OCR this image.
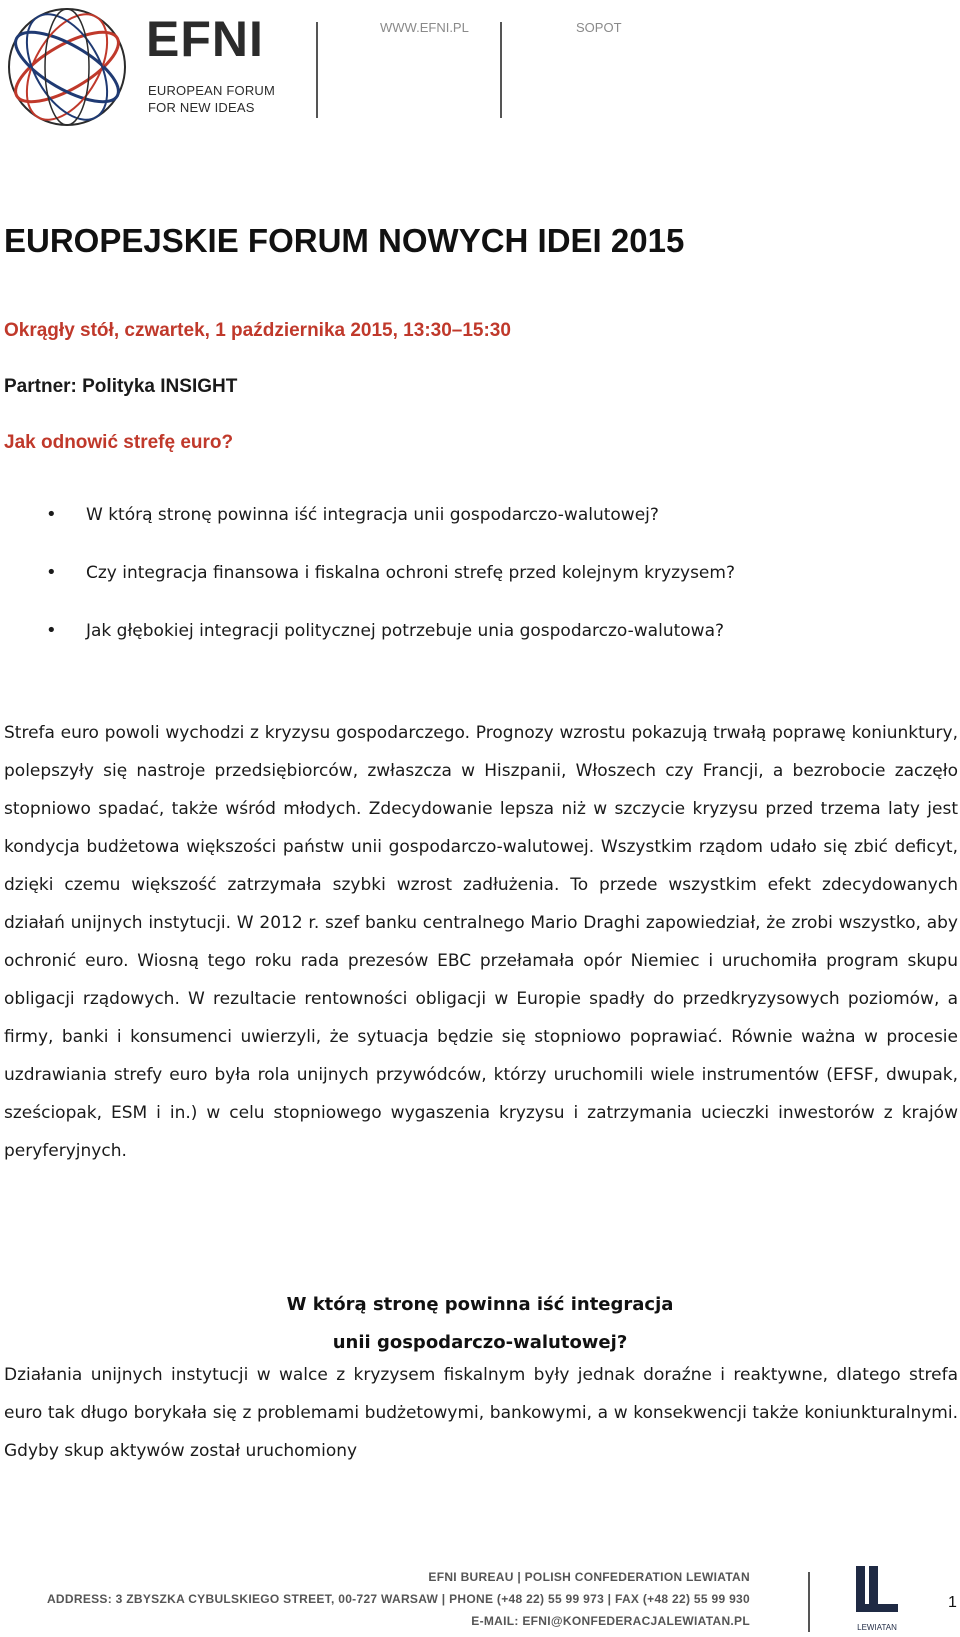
EFNI
EUROPEAN FORUM
FOR NEW IDEAS
WWW.EFNI.PL	SOPOT
EUROPEJSKIE FORUM NOWYCH IDEI 2015

Okrągły stół, czwartek, 1 października 2015, 13:30–15:30

Partner: Polityka INSIGHT

Jak odnowić strefę euro?

• W którą stronę powinna iść integracja unii gospodarczo-walutowej?
• Czy integracja finansowa i fiskalna ochroni strefę przed kolejnym kryzysem?
• Jak głębokiej integracji politycznej potrzebuje unia gospodarczo-walutowa?

Strefa euro powoli wychodzi z kryzysu gospodarczego. Prognozy wzrostu pokazują trwałą poprawę koniunktury, polepszyły się nastroje przedsiębiorców, zwłaszcza w Hiszpanii, Włoszech czy Francji, a bezrobocie zaczęło stopniowo spadać, także wśród młodych. Zdecydowanie lepsza niż w szczycie kryzysu przed trzema laty jest kondycja budżetowa większości państw unii gospodarczo-walutowej. Wszystkim rządom udało się zbić deficyt, dzięki czemu większość zatrzymała szybki wzrost zadłużenia. To przede wszystkim efekt zdecydowanych działań unijnych instytucji. W 2012 r. szef banku centralnego Mario Draghi zapowiedział, że zrobi wszystko, aby ochronić euro. Wiosną tego roku rada prezesów EBC przełamała opór Niemiec i uruchomiła program skupu obligacji rządowych. W rezultacie rentowności obligacji w Europie spadły do przedkryzysowych poziomów, a firmy, banki i konsumenci uwierzyli, że sytuacja będzie się stopniowo poprawiać. Równie ważna w procesie uzdrawiania strefy euro była rola unijnych przywódców, którzy uruchomili wiele instrumentów (EFSF, dwupak, sześciopak, ESM i in.) w celu stopniowego wygaszenia kryzysu i zatrzymania ucieczki inwestorów z krajów peryferyjnych.

W którą stronę powinna iść integracja
unii gospodarczo-walutowej?

Działania unijnych instytucji w walce z kryzysem fiskalnym były jednak doraźne i reaktywne, dlatego strefa euro tak długo borykała się z problemami budżetowymi, bankowymi, a w konsekwencji także koniunkturalnymi. Gdyby skup aktywów został uruchomiony

EFNI BUREAU | POLISH CONFEDERATION LEWIATAN
ADDRESS: 3 ZBYSZKA CYBULSKIEGO STREET, 00-727 WARSAW | PHONE (+48 22) 55 99 973 | FAX (+48 22) 55 99 930
E-MAIL: EFNI@KONFEDERACJALEWIATAN.PL	LEWIATAN
1
